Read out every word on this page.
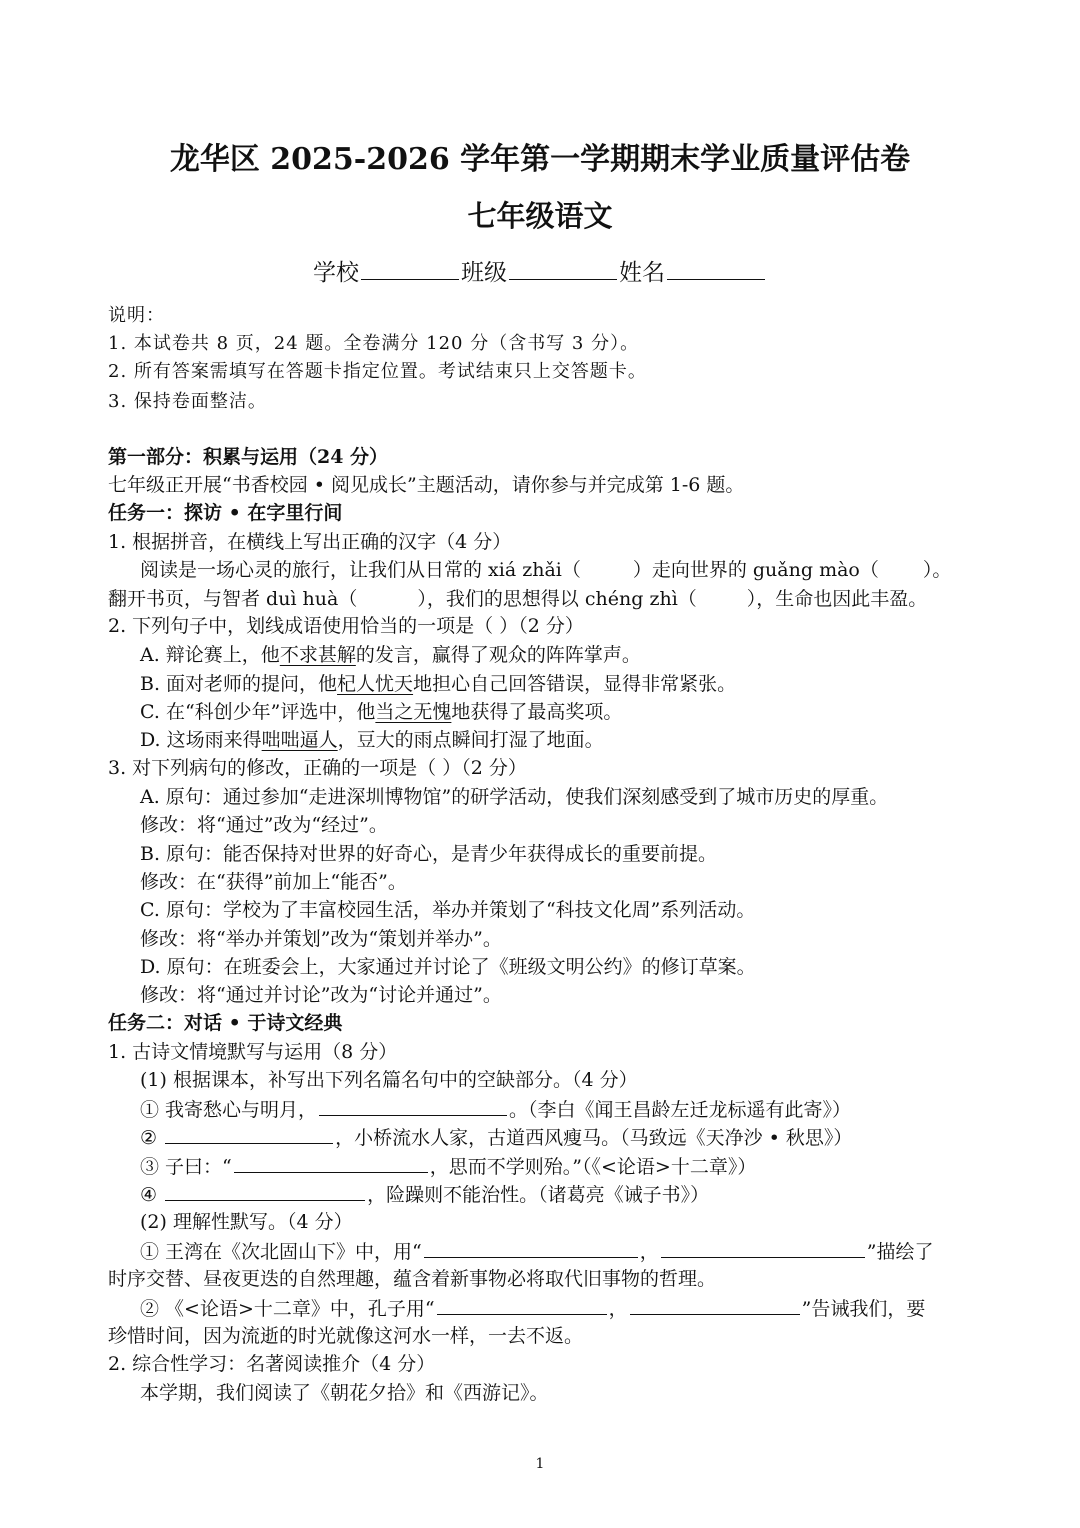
龙华区 2025-2026 学年第一学期期末学业质量评估卷
七年级语文
学校	班级	姓名
说明：
1. 本试卷共 8 页，24 题。全卷满分 120 分（含书写 3 分）。
2. 所有答案需填写在答题卡指定位置。考试结束只上交答题卡。
3. 保持卷面整洁。
第一部分：积累与运用（24 分）
七年级正开展“书香校园 • 阅见成长”主题活动，请你参与并完成第 1-6 题。
任务一：探访 • 在字里行间
1. 根据拼音，在横线上写出正确的汉字（4 分）
阅读是一场心灵的旅行，让我们从日常的 xiá zhǎi（	）走向世界的 guǎng mào（ ）。
翻开书页，与智者 duì huà（	），我们的思想得以 chéng zhì（	），生命也因此丰盈。
2. 下列句子中，划线成语使用恰当的一项是（ ）（2 分）
A. 辩论赛上，他不求甚解的发言，赢得了观众的阵阵掌声。
B. 面对老师的提问，他杞人忧天地担心自己回答错误，显得非常紧张。
C. 在“科创少年”评选中，他当之无愧地获得了最高奖项。
D. 这场雨来得咄咄逼人，豆大的雨点瞬间打湿了地面。
3. 对下列病句的修改，正确的一项是（ ）（2 分）
A. 原句：通过参加“走进深圳博物馆”的研学活动，使我们深刻感受到了城市历史的厚重。
修改：将“通过”改为“经过”。
B. 原句：能否保持对世界的好奇心，是青少年获得成长的重要前提。
修改：在“获得”前加上“能否”。
C. 原句：学校为了丰富校园生活，举办并策划了“科技文化周”系列活动。
修改：将“举办并策划”改为“策划并举办”。
D. 原句：在班委会上，大家通过并讨论了《班级文明公约》的修订草案。
修改：将“通过并讨论”改为“讨论并通过”。
任务二：对话 • 于诗文经典
1. 古诗文情境默写与运用（8 分）
(1) 根据课本，补写出下列名篇名句中的空缺部分。（4 分）
① 我寄愁心与明月，	。（李白《闻王昌龄左迁龙标遥有此寄》）
②	，小桥流水人家，古道西风瘦马。（马致远《天净沙 • 秋思》）
③ 子曰：“	，思而不学则殆。”（《<论语>十二章》）
④	，险躁则不能治性。（诸葛亮《诫子书》）
(2) 理解性默写。（4 分）
① 王湾在《次北固山下》中，用“	，	”描绘了
时序交替、昼夜更迭的自然理趣，蕴含着新事物必将取代旧事物的哲理。
② 《<论语>十二章》中，孔子用“	，	”告诫我们，要
珍惜时间，因为流逝的时光就像这河水一样，一去不返。
2. 综合性学习：名著阅读推介（4 分）
本学期，我们阅读了《朝花夕拾》和《西游记》。
1
